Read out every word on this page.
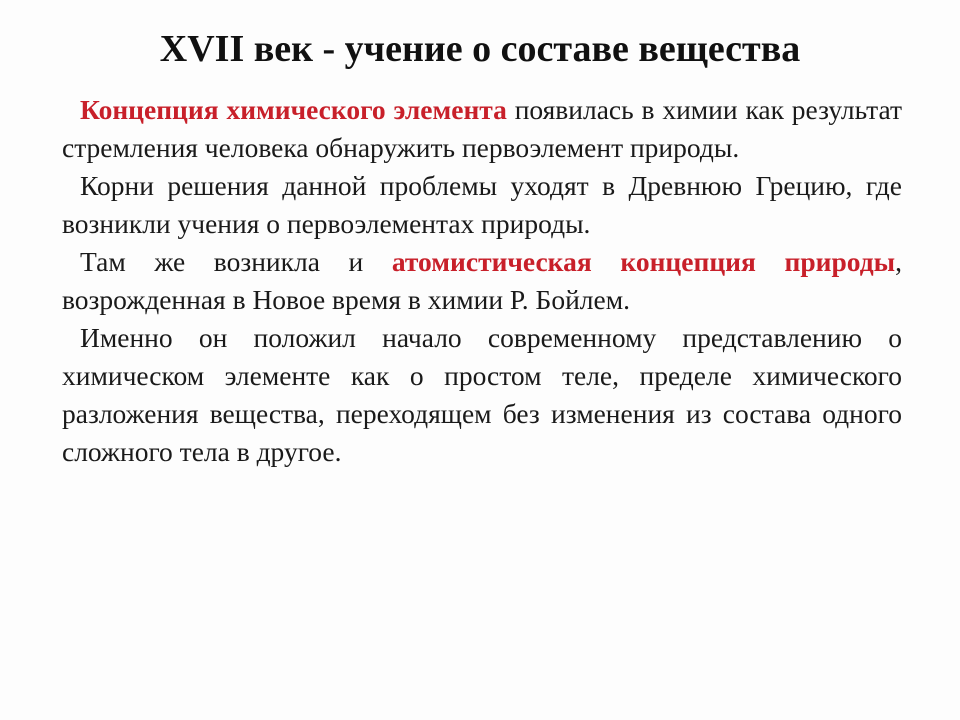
XVII век - учение о составе вещества

Концепция химического элемента появилась в химии как результат стремления человека обнаружить первоэлемент природы.

Корни решения данной проблемы уходят в Древнюю Грецию, где возникли учения о первоэлементах природы.

Там же возникла и атомистическая концепция природы, возрожденная в Новое время в химии Р. Бойлем.

Именно он положил начало современному представлению о химическом элементе как о простом теле, пределе химического разложения вещества, переходящем без изменения из состава одного сложного тела в другое.
